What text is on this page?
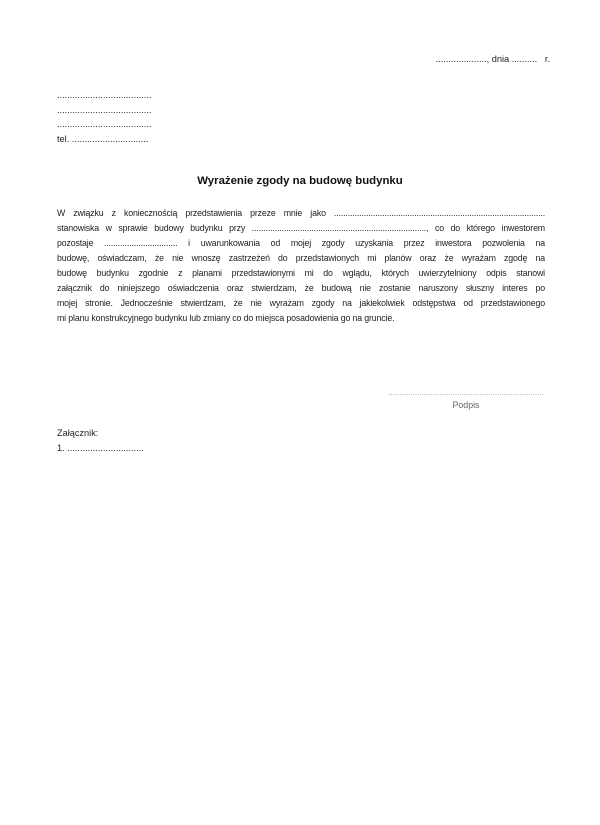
...................., dnia ..........   r.
.....................................
.....................................
.....................................
tel. ..............................
Wyrażenie zgody na budowę budynku
W związku z koniecznością przedstawienia przeze mnie jako ............................................................................................
stanowiska w sprawie budowy budynku przy ............................................................................, co do którego inwestorem
pozostaje ................................ i uwarunkowania od mojej zgody uzyskania przez inwestora pozwolenia na
budowę, oświadczam, że nie wnoszę zastrzeżeń do przedstawionych mi planów oraz że wyrażam zgodę na
budowę budynku zgodnie z planami przedstawionymi mi do wglądu, których uwierzytelniony odpis stanowi
załącznik do niniejszego oświadczenia oraz stwierdzam, że budową nie zostanie naruszony słuszny interes po
mojej stronie. Jednocześnie stwierdzam, że nie wyrażam zgody na jakiekolwiek odstępstwa od przedstawionego
mi planu konstrukcyjnego budynku lub zmiany co do miejsca posadowienia go na gruncie.
......................................................................
Podpis
Załącznik:
1. ..............................
